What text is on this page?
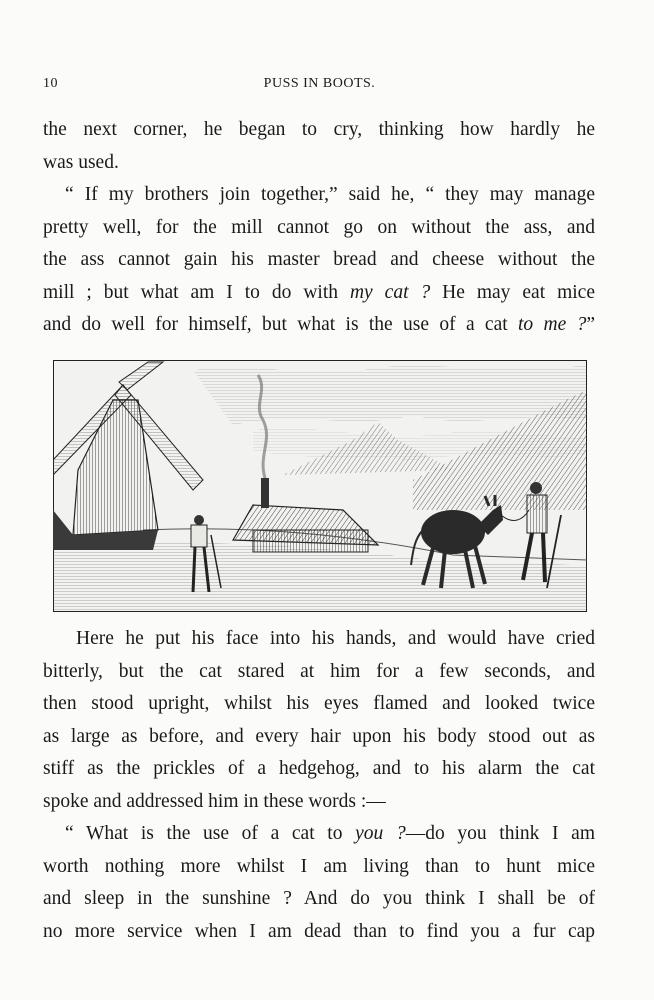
10	PUSS IN BOOTS.
the next corner, he began to cry, thinking how hardly he
was used.
“ If my brothers join together,” said he, “ they may manage
pretty well, for the mill cannot go on without the ass, and
the ass cannot gain his master bread and cheese without the
mill ; but what am I to do with my cat ? He may eat mice
and do well for himself, but what is the use of a cat to me ?”
Here he put his face into his hands, and would have cried
bitterly, but the cat stared at him for a few seconds, and
then stood upright, whilst his eyes flamed and looked twice
as large as before, and every hair upon his body stood out as
stiff as the prickles of a hedgehog, and to his alarm the cat
spoke and addressed him in these words :—
“ What is the use of a cat to you ?—do you think I am
worth nothing more whilst I am living than to hunt mice
and sleep in the sunshine ? And do you think I shall be of
no more service when I am dead than to find you a fur cap
